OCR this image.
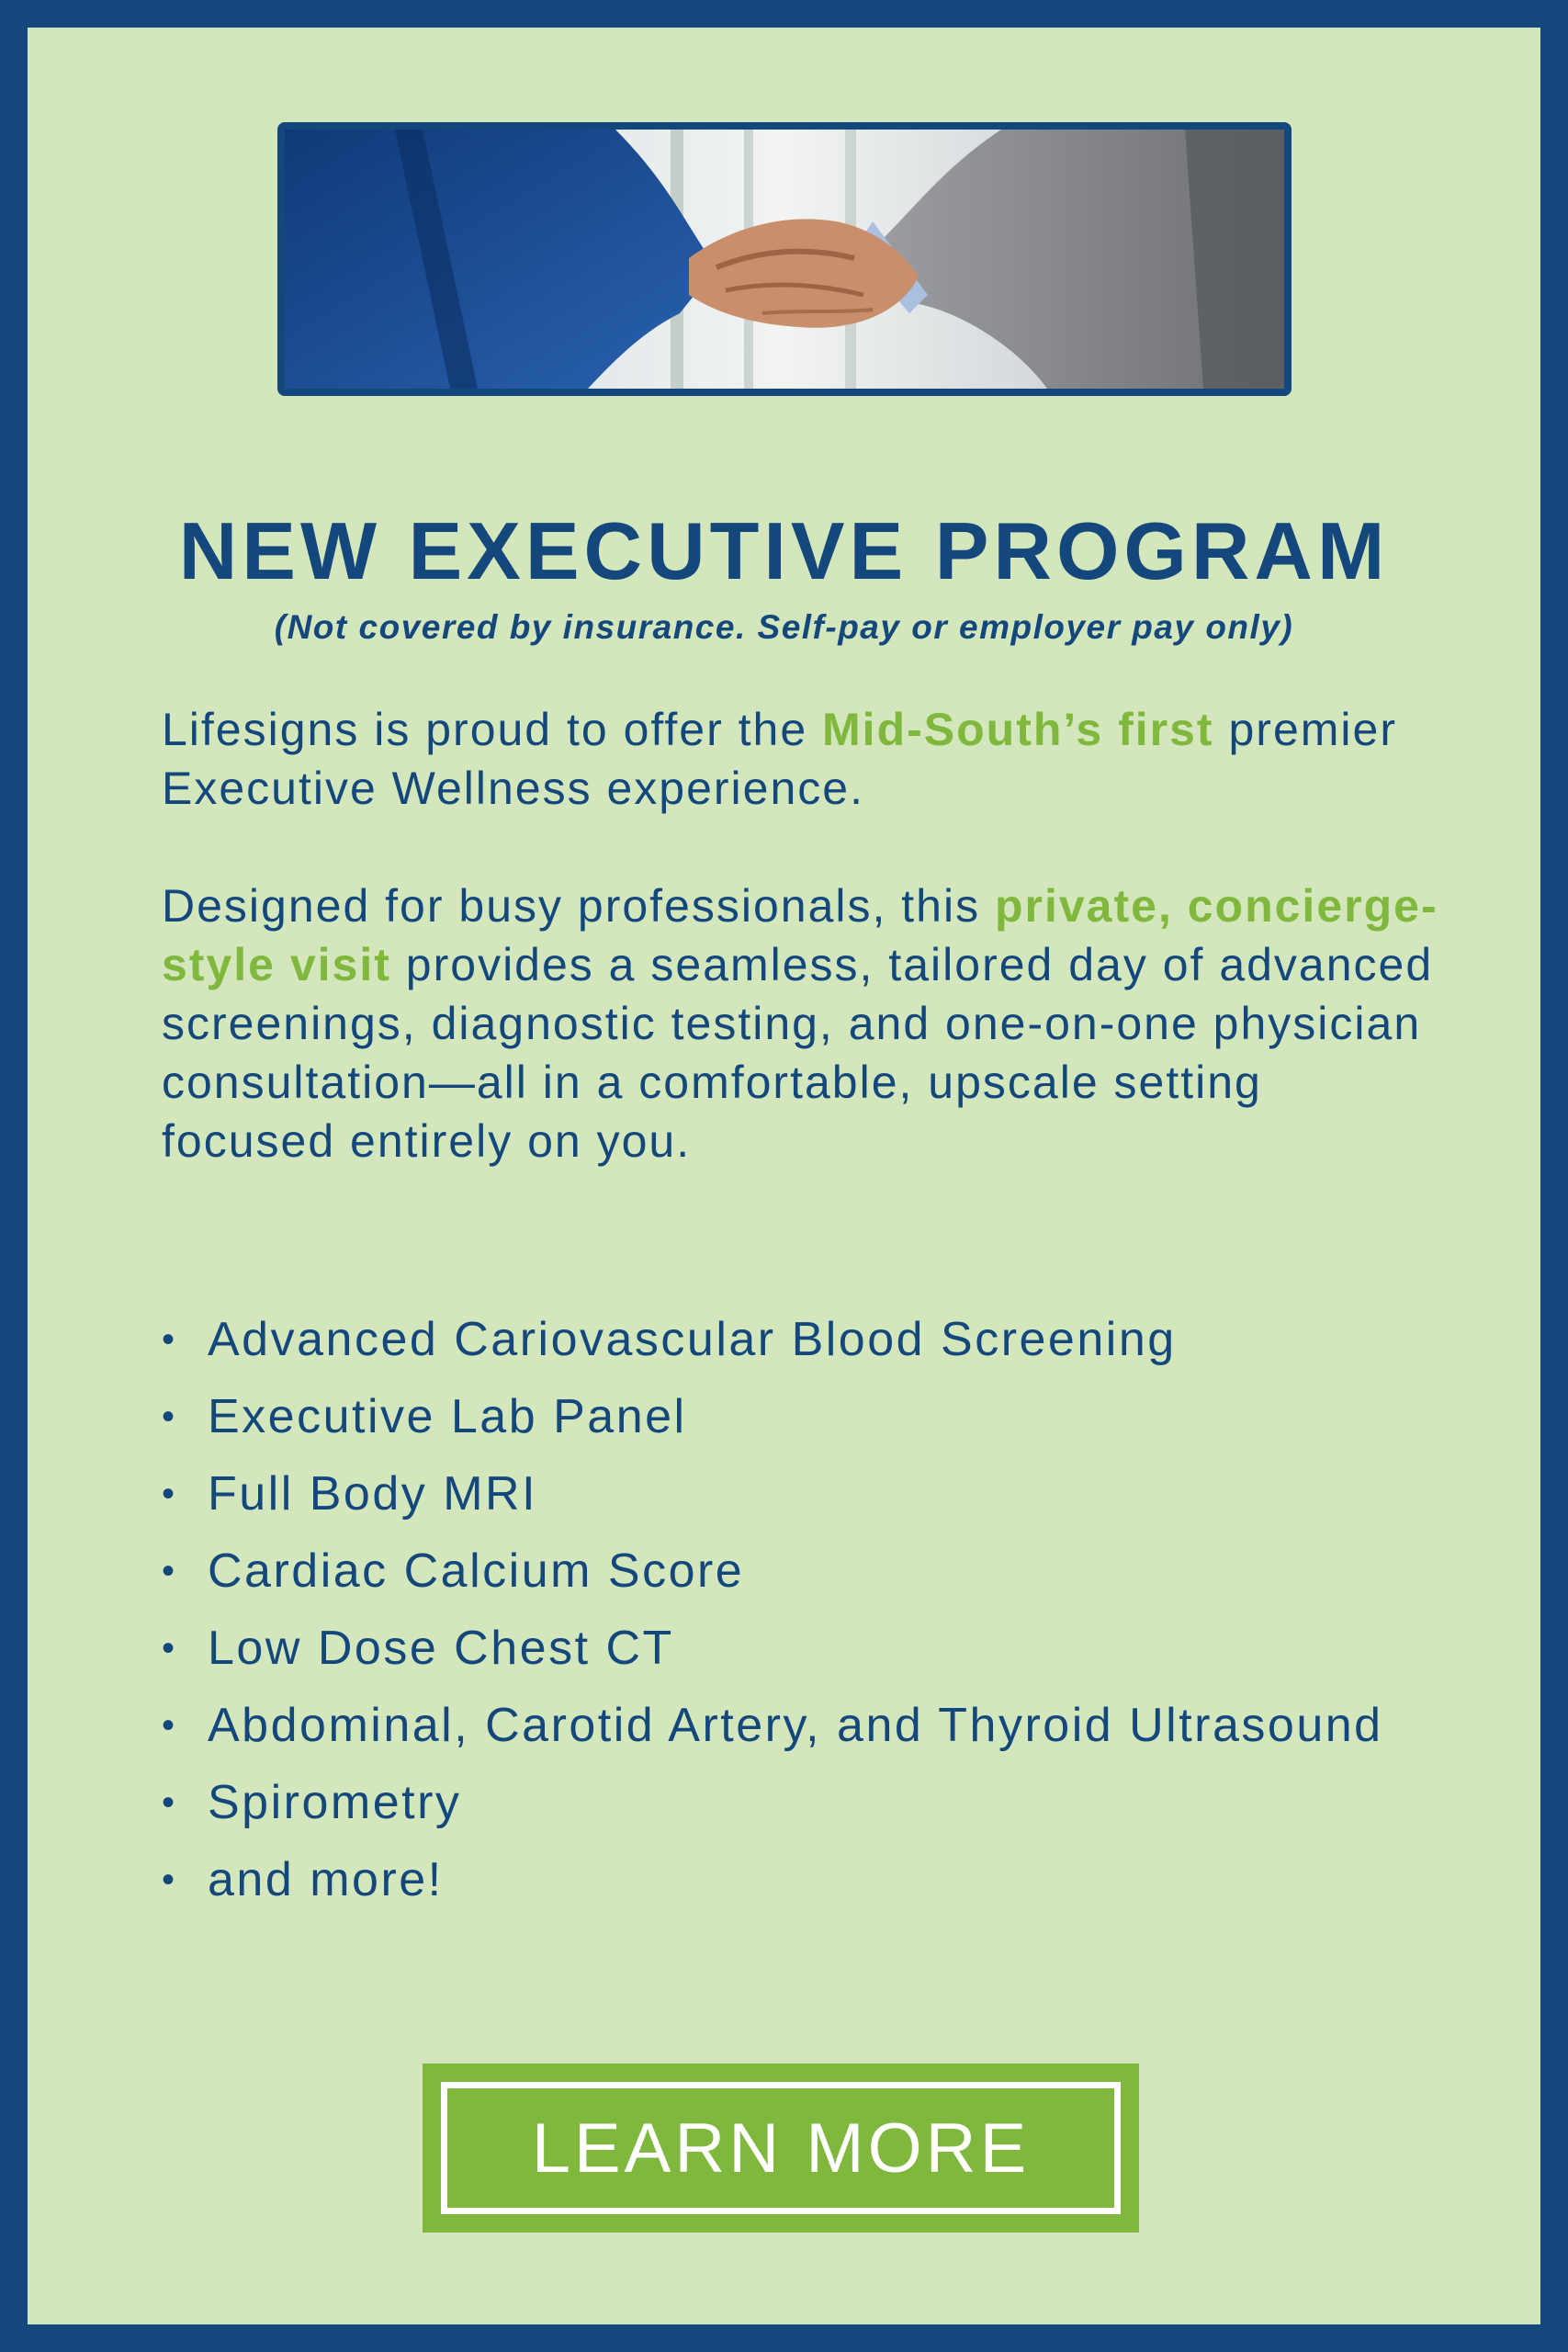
NEW EXECUTIVE PROGRAM

(Not covered by insurance. Self-pay or employer pay only)

Lifesigns is proud to offer the Mid-South’s first premier Executive Wellness experience.

Designed for busy professionals, this private, concierge-style visit provides a seamless, tailored day of advanced screenings, diagnostic testing, and one-on-one physician consultation—all in a comfortable, upscale setting focused entirely on you.

• Advanced Cariovascular Blood Screening
• Executive Lab Panel
• Full Body MRI
• Cardiac Calcium Score
• Low Dose Chest CT
• Abdominal, Carotid Artery, and Thyroid Ultrasound
• Spirometry
• and more!
LEARN MORE
